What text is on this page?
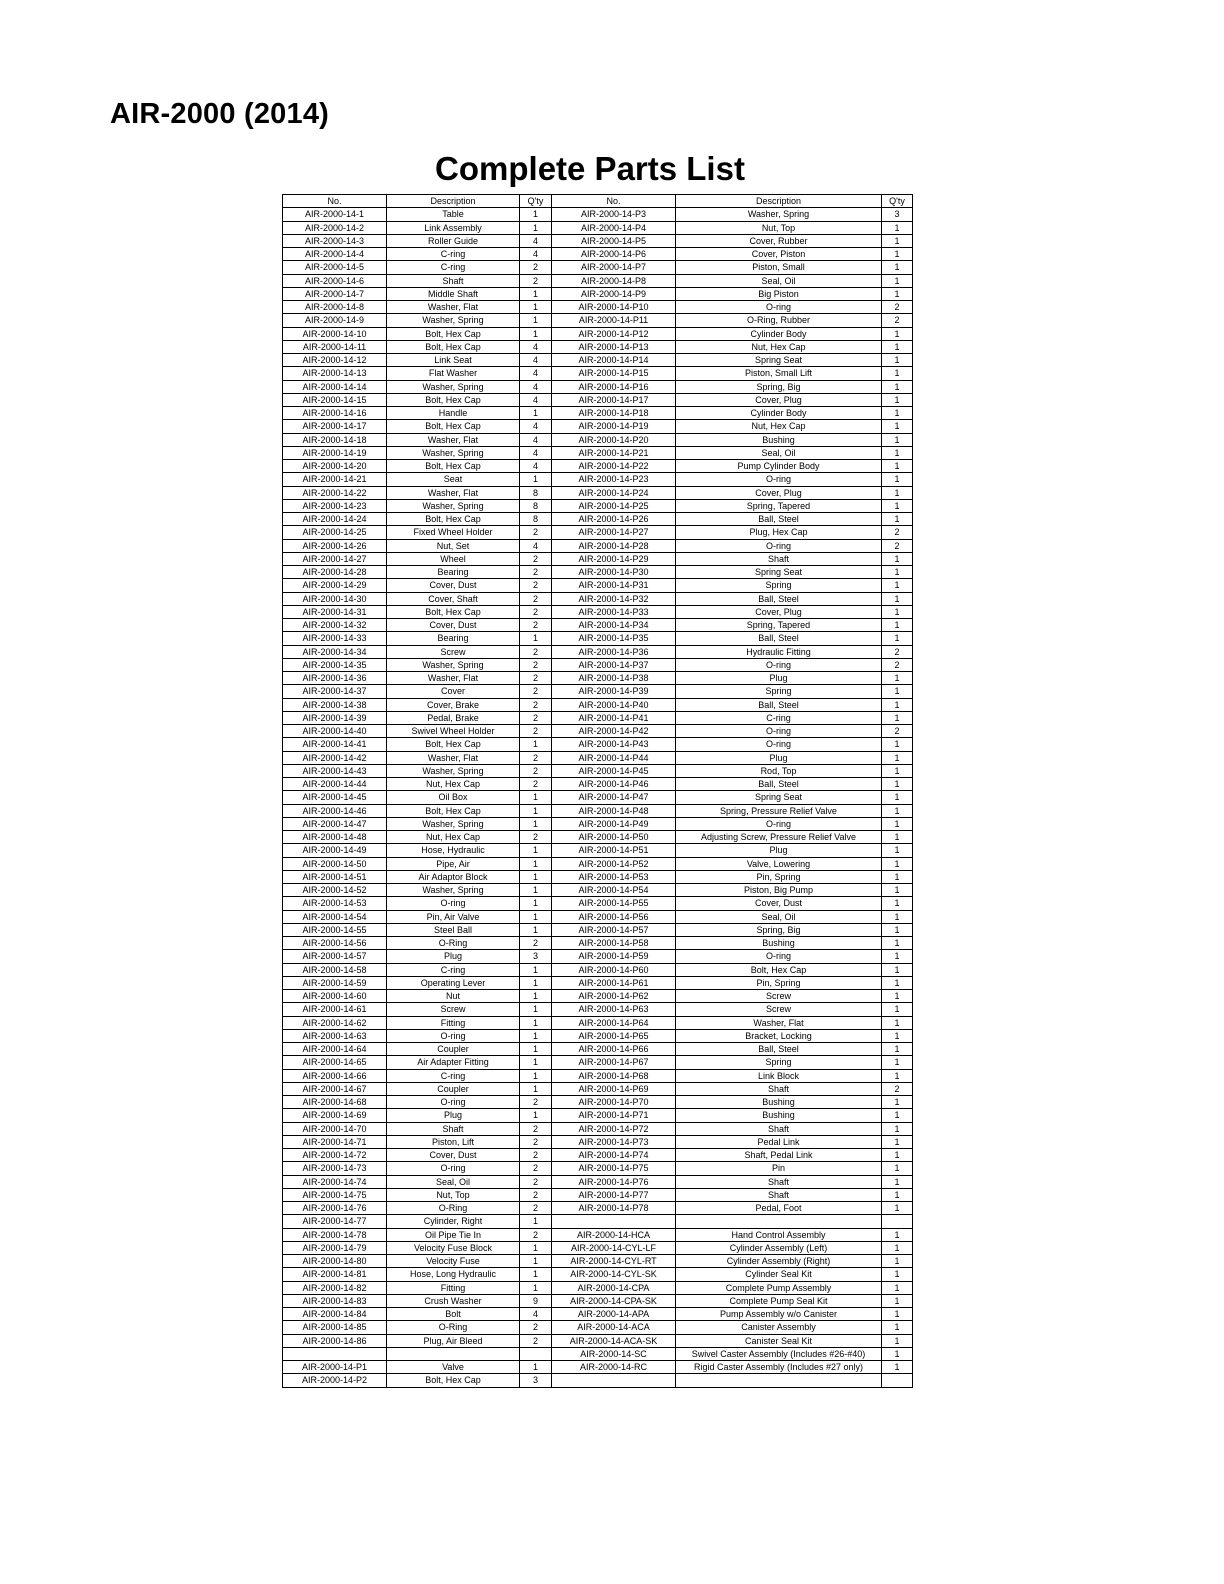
AIR-2000 (2014)
Complete Parts List
No.	Description	Q'ty	No.	Description	Q'ty
AIR-2000-14-1	Table	1	AIR-2000-14-P3	Washer, Spring	3
AIR-2000-14-2	Link Assembly	1	AIR-2000-14-P4	Nut, Top	1
AIR-2000-14-3	Roller Guide	4	AIR-2000-14-P5	Cover, Rubber	1
AIR-2000-14-4	C-ring	4	AIR-2000-14-P6	Cover, Piston	1
AIR-2000-14-5	C-ring	2	AIR-2000-14-P7	Piston, Small	1
AIR-2000-14-6	Shaft	2	AIR-2000-14-P8	Seal, Oil	1
AIR-2000-14-7	Middle Shaft	1	AIR-2000-14-P9	Big Piston	1
AIR-2000-14-8	Washer, Flat	1	AIR-2000-14-P10	O-ring	2
AIR-2000-14-9	Washer, Spring	1	AIR-2000-14-P11	O-Ring, Rubber	2
AIR-2000-14-10	Bolt, Hex Cap	1	AIR-2000-14-P12	Cylinder Body	1
AIR-2000-14-11	Bolt, Hex Cap	4	AIR-2000-14-P13	Nut, Hex Cap	1
AIR-2000-14-12	Link Seat	4	AIR-2000-14-P14	Spring Seat	1
AIR-2000-14-13	Flat Washer	4	AIR-2000-14-P15	Piston, Small Lift	1
AIR-2000-14-14	Washer, Spring	4	AIR-2000-14-P16	Spring, Big	1
AIR-2000-14-15	Bolt, Hex Cap	4	AIR-2000-14-P17	Cover, Plug	1
AIR-2000-14-16	Handle	1	AIR-2000-14-P18	Cylinder Body	1
AIR-2000-14-17	Bolt, Hex Cap	4	AIR-2000-14-P19	Nut, Hex Cap	1
AIR-2000-14-18	Washer, Flat	4	AIR-2000-14-P20	Bushing	1
AIR-2000-14-19	Washer, Spring	4	AIR-2000-14-P21	Seal, Oil	1
AIR-2000-14-20	Bolt, Hex Cap	4	AIR-2000-14-P22	Pump Cylinder Body	1
AIR-2000-14-21	Seat	1	AIR-2000-14-P23	O-ring	1
AIR-2000-14-22	Washer, Flat	8	AIR-2000-14-P24	Cover, Plug	1
AIR-2000-14-23	Washer, Spring	8	AIR-2000-14-P25	Spring, Tapered	1
AIR-2000-14-24	Bolt, Hex Cap	8	AIR-2000-14-P26	Ball, Steel	1
AIR-2000-14-25	Fixed Wheel Holder	2	AIR-2000-14-P27	Plug, Hex Cap	2
AIR-2000-14-26	Nut, Set	4	AIR-2000-14-P28	O-ring	2
AIR-2000-14-27	Wheel	2	AIR-2000-14-P29	Shaft	1
AIR-2000-14-28	Bearing	2	AIR-2000-14-P30	Spring Seat	1
AIR-2000-14-29	Cover, Dust	2	AIR-2000-14-P31	Spring	1
AIR-2000-14-30	Cover, Shaft	2	AIR-2000-14-P32	Ball, Steel	1
AIR-2000-14-31	Bolt, Hex Cap	2	AIR-2000-14-P33	Cover, Plug	1
AIR-2000-14-32	Cover, Dust	2	AIR-2000-14-P34	Spring, Tapered	1
AIR-2000-14-33	Bearing	1	AIR-2000-14-P35	Ball, Steel	1
AIR-2000-14-34	Screw	2	AIR-2000-14-P36	Hydraulic Fitting	2
AIR-2000-14-35	Washer, Spring	2	AIR-2000-14-P37	O-ring	2
AIR-2000-14-36	Washer, Flat	2	AIR-2000-14-P38	Plug	1
AIR-2000-14-37	Cover	2	AIR-2000-14-P39	Spring	1
AIR-2000-14-38	Cover, Brake	2	AIR-2000-14-P40	Ball, Steel	1
AIR-2000-14-39	Pedal, Brake	2	AIR-2000-14-P41	C-ring	1
AIR-2000-14-40	Swivel Wheel Holder	2	AIR-2000-14-P42	O-ring	2
AIR-2000-14-41	Bolt, Hex Cap	1	AIR-2000-14-P43	O-ring	1
AIR-2000-14-42	Washer, Flat	2	AIR-2000-14-P44	Plug	1
AIR-2000-14-43	Washer, Spring	2	AIR-2000-14-P45	Rod, Top	1
AIR-2000-14-44	Nut, Hex Cap	2	AIR-2000-14-P46	Ball, Steel	1
AIR-2000-14-45	Oil Box	1	AIR-2000-14-P47	Spring Seat	1
AIR-2000-14-46	Bolt, Hex Cap	1	AIR-2000-14-P48	Spring, Pressure Relief Valve	1
AIR-2000-14-47	Washer, Spring	1	AIR-2000-14-P49	O-ring	1
AIR-2000-14-48	Nut, Hex Cap	2	AIR-2000-14-P50	Adjusting Screw, Pressure Relief Valve	1
AIR-2000-14-49	Hose, Hydraulic	1	AIR-2000-14-P51	Plug	1
AIR-2000-14-50	Pipe, Air	1	AIR-2000-14-P52	Valve, Lowering	1
AIR-2000-14-51	Air Adaptor Block	1	AIR-2000-14-P53	Pin, Spring	1
AIR-2000-14-52	Washer, Spring	1	AIR-2000-14-P54	Piston, Big Pump	1
AIR-2000-14-53	O-ring	1	AIR-2000-14-P55	Cover, Dust	1
AIR-2000-14-54	Pin, Air Valve	1	AIR-2000-14-P56	Seal, Oil	1
AIR-2000-14-55	Steel Ball	1	AIR-2000-14-P57	Spring, Big	1
AIR-2000-14-56	O-Ring	2	AIR-2000-14-P58	Bushing	1
AIR-2000-14-57	Plug	3	AIR-2000-14-P59	O-ring	1
AIR-2000-14-58	C-ring	1	AIR-2000-14-P60	Bolt, Hex Cap	1
AIR-2000-14-59	Operating Lever	1	AIR-2000-14-P61	Pin, Spring	1
AIR-2000-14-60	Nut	1	AIR-2000-14-P62	Screw	1
AIR-2000-14-61	Screw	1	AIR-2000-14-P63	Screw	1
AIR-2000-14-62	Fitting	1	AIR-2000-14-P64	Washer, Flat	1
AIR-2000-14-63	O-ring	1	AIR-2000-14-P65	Bracket, Locking	1
AIR-2000-14-64	Coupler	1	AIR-2000-14-P66	Ball, Steel	1
AIR-2000-14-65	Air Adapter Fitting	1	AIR-2000-14-P67	Spring	1
AIR-2000-14-66	C-ring	1	AIR-2000-14-P68	Link Block	1
AIR-2000-14-67	Coupler	1	AIR-2000-14-P69	Shaft	2
AIR-2000-14-68	O-ring	2	AIR-2000-14-P70	Bushing	1
AIR-2000-14-69	Plug	1	AIR-2000-14-P71	Bushing	1
AIR-2000-14-70	Shaft	2	AIR-2000-14-P72	Shaft	1
AIR-2000-14-71	Piston, Lift	2	AIR-2000-14-P73	Pedal Link	1
AIR-2000-14-72	Cover, Dust	2	AIR-2000-14-P74	Shaft, Pedal Link	1
AIR-2000-14-73	O-ring	2	AIR-2000-14-P75	Pin	1
AIR-2000-14-74	Seal, Oil	2	AIR-2000-14-P76	Shaft	1
AIR-2000-14-75	Nut, Top	2	AIR-2000-14-P77	Shaft	1
AIR-2000-14-76	O-Ring	2	AIR-2000-14-P78	Pedal, Foot	1
AIR-2000-14-77	Cylinder, Right	1			
AIR-2000-14-78	Oil Pipe Tie In	2	AIR-2000-14-HCA	Hand Control Assembly	1
AIR-2000-14-79	Velocity Fuse Block	1	AIR-2000-14-CYL-LF	Cylinder Assembly (Left)	1
AIR-2000-14-80	Velocity Fuse	1	AIR-2000-14-CYL-RT	Cylinder Assembly (Right)	1
AIR-2000-14-81	Hose, Long Hydraulic	1	AIR-2000-14-CYL-SK	Cylinder Seal Kit	1
AIR-2000-14-82	Fitting	1	AIR-2000-14-CPA	Complete Pump Assembly	1
AIR-2000-14-83	Crush Washer	9	AIR-2000-14-CPA-SK	Complete Pump Seal Kit	1
AIR-2000-14-84	Bolt	4	AIR-2000-14-APA	Pump Assembly w/o Canister	1
AIR-2000-14-85	O-Ring	2	AIR-2000-14-ACA	Canister Assembly	1
AIR-2000-14-86	Plug, Air Bleed	2	AIR-2000-14-ACA-SK	Canister Seal Kit	1
			AIR-2000-14-SC	Swivel Caster Assembly (Includes #26-#40)	1
AIR-2000-14-P1	Valve	1	AIR-2000-14-RC	Rigid Caster Assembly (Includes #27 only)	1
AIR-2000-14-P2	Bolt, Hex Cap	3			
